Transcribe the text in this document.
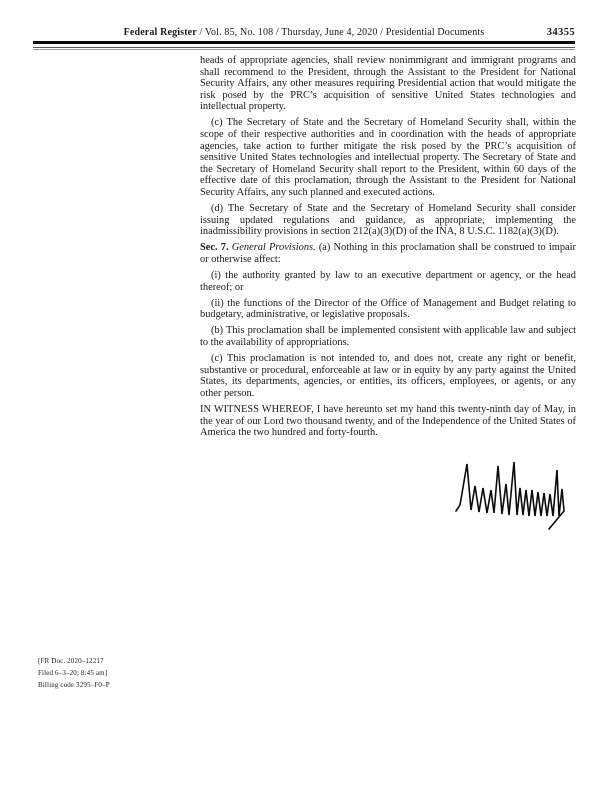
Federal Register / Vol. 85, No. 108 / Thursday, June 4, 2020 / Presidential Documents	34355

heads of appropriate agencies, shall review nonimmigrant and immigrant programs and shall recommend to the President, through the Assistant to the President for National Security Affairs, any other measures requiring Presidential action that would mitigate the risk posed by the PRC’s acquisition of sensitive United States technologies and intellectual property.

(c) The Secretary of State and the Secretary of Homeland Security shall, within the scope of their respective authorities and in coordination with the heads of appropriate agencies, take action to further mitigate the risk posed by the PRC’s acquisition of sensitive United States technologies and intellectual property. The Secretary of State and the Secretary of Homeland Security shall report to the President, within 60 days of the effective date of this proclamation, through the Assistant to the President for National Security Affairs, any such planned and executed actions.

(d) The Secretary of State and the Secretary of Homeland Security shall consider issuing updated regulations and guidance, as appropriate, implementing the inadmissibility provisions in section 212(a)(3)(D) of the INA, 8 U.S.C. 1182(a)(3)(D).

Sec. 7. General Provisions. (a) Nothing in this proclamation shall be construed to impair or otherwise affect:

(i) the authority granted by law to an executive department or agency, or the head thereof; or

(ii) the functions of the Director of the Office of Management and Budget relating to budgetary, administrative, or legislative proposals.

(b) This proclamation shall be implemented consistent with applicable law and subject to the availability of appropriations.

(c) This proclamation is not intended to, and does not, create any right or benefit, substantive or procedural, enforceable at law or in equity by any party against the United States, its departments, agencies, or entities, its officers, employees, or agents, or any other person.

IN WITNESS WHEREOF, I have hereunto set my hand this twenty-ninth day of May, in the year of our Lord two thousand twenty, and of the Independence of the United States of America the two hundred and forty-fourth.

[FR Doc. 2020–12217
Filed 6–3–20; 8:45 am]
Billing code 3295–F0–P
